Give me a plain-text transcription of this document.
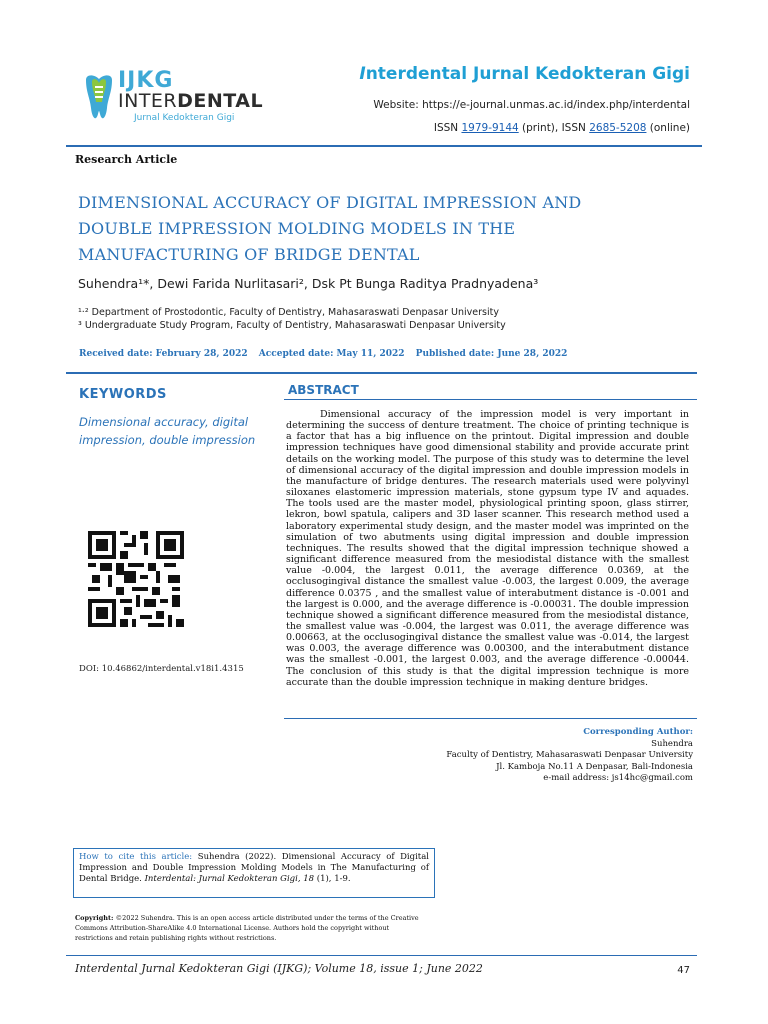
IJKG
INTERDENTAL
Jurnal Kedokteran Gigi
Interdental Jurnal Kedokteran Gigi
Website: https://e-journal.unmas.ac.id/index.php/interdental
ISSN 1979-9144 (print), ISSN 2685-5208 (online)
Research Article
DIMENSIONAL ACCURACY OF DIGITAL IMPRESSION AND DOUBLE IMPRESSION MOLDING MODELS IN THE MANUFACTURING OF BRIDGE DENTAL
Suhendra¹*, Dewi Farida Nurlitasari², Dsk Pt Bunga Raditya Pradnyadena³
¹·² Department of Prostodontic, Faculty of Dentistry, Mahasaraswati Denpasar University
³ Undergraduate Study Program, Faculty of Dentistry, Mahasaraswati Denpasar University
Received date: February 28, 2022 Accepted date: May 11, 2022 Published date: June 28, 2022
KEYWORDS
Dimensional accuracy, digital impression, double impression
DOI: 10.46862/interdental.v18i1.4315
ABSTRACT
Dimensional accuracy of the impression model is very important in determining the success of denture treatment. The choice of printing technique is a factor that has a big influence on the printout. Digital impression and double impression techniques have good dimensional stability and provide accurate print details on the working model. The purpose of this study was to determine the level of dimensional accuracy of the digital impression and double impression models in the manufacture of bridge dentures. The research materials used were polyvinyl siloxanes elastomeric impression materials, stone gypsum type IV and aquades. The tools used are the master model, physiological printing spoon, glass stirrer, lekron, bowl spatula, calipers and 3D laser scanner. This research method used a laboratory experimental study design, and the master model was imprinted on the simulation of two abutments using digital impression and double impression techniques. The results showed that the digital impression technique showed a significant difference measured from the mesiodistal distance with the smallest value -0.004, the largest 0.011, the average difference 0.0369, at the occlusogingival distance the smallest value -0.003, the largest 0.009, the average difference 0.0375 , and the smallest value of interabutment distance is -0.001 and the largest is 0.000, and the average difference is -0.00031. The double impression technique showed a significant difference measured from the mesiodistal distance, the smallest value was -0.004, the largest was 0.011, the average difference was 0.00663, at the occlusogingival distance the smallest value was -0.014, the largest was 0.003, the average difference was 0.00300, and the interabutment distance was the smallest -0.001, the largest 0.003, and the average difference -0.00044. The conclusion of this study is that the digital impression technique is more accurate than the double impression technique in making denture bridges.
Corresponding Author:
Suhendra
Faculty of Dentistry, Mahasaraswati Denpasar University
Jl. Kamboja No.11 A Denpasar, Bali-Indonesia
e-mail address: js14hc@gmail.com
How to cite this article: Suhendra (2022). Dimensional Accuracy of Digital Impression and Double Impression Molding Models in The Manufacturing of Dental Bridge. Interdental: Jurnal Kedokteran Gigi, 18 (1), 1-9.
Copyright: ©2022 Suhendra. This is an open access article distributed under the terms of the Creative Commons Attribution-ShareAlike 4.0 International License. Authors hold the copyright without restrictions and retain publishing rights without restrictions.
Interdental Jurnal Kedokteran Gigi (IJKG); Volume 18, issue 1; June 2022	47
